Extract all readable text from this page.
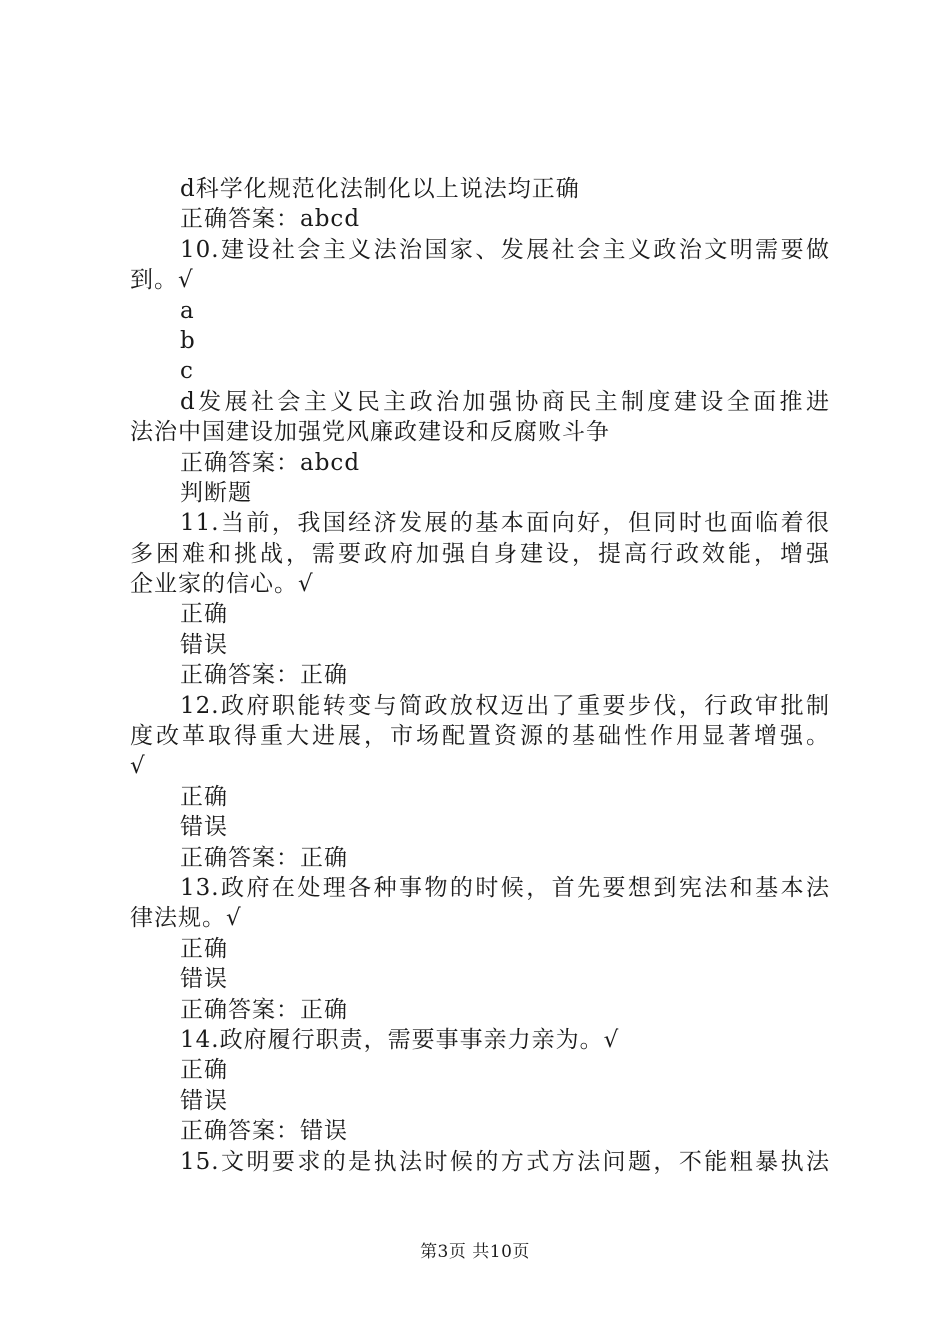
d科学化规范化法制化以上说法均正确
正确答案：abcd
10.建设社会主义法治国家、发展社会主义政治文明需要做
到。√
a
b
c
d发展社会主义民主政治加强协商民主制度建设全面推进
法治中国建设加强党风廉政建设和反腐败斗争
正确答案：abcd
判断题
11.当前，我国经济发展的基本面向好，但同时也面临着很
多困难和挑战，需要政府加强自身建设，提高行政效能，增强
企业家的信心。√
正确
错误
正确答案：正确
12.政府职能转变与简政放权迈出了重要步伐，行政审批制
度改革取得重大进展，市场配置资源的基础性作用显著增强。
√
正确
错误
正确答案：正确
13.政府在处理各种事物的时候，首先要想到宪法和基本法
律法规。√
正确
错误
正确答案：正确
14.政府履行职责，需要事事亲力亲为。√
正确
错误
正确答案：错误
15.文明要求的是执法时候的方式方法问题，不能粗暴执法
第3页 共10页
